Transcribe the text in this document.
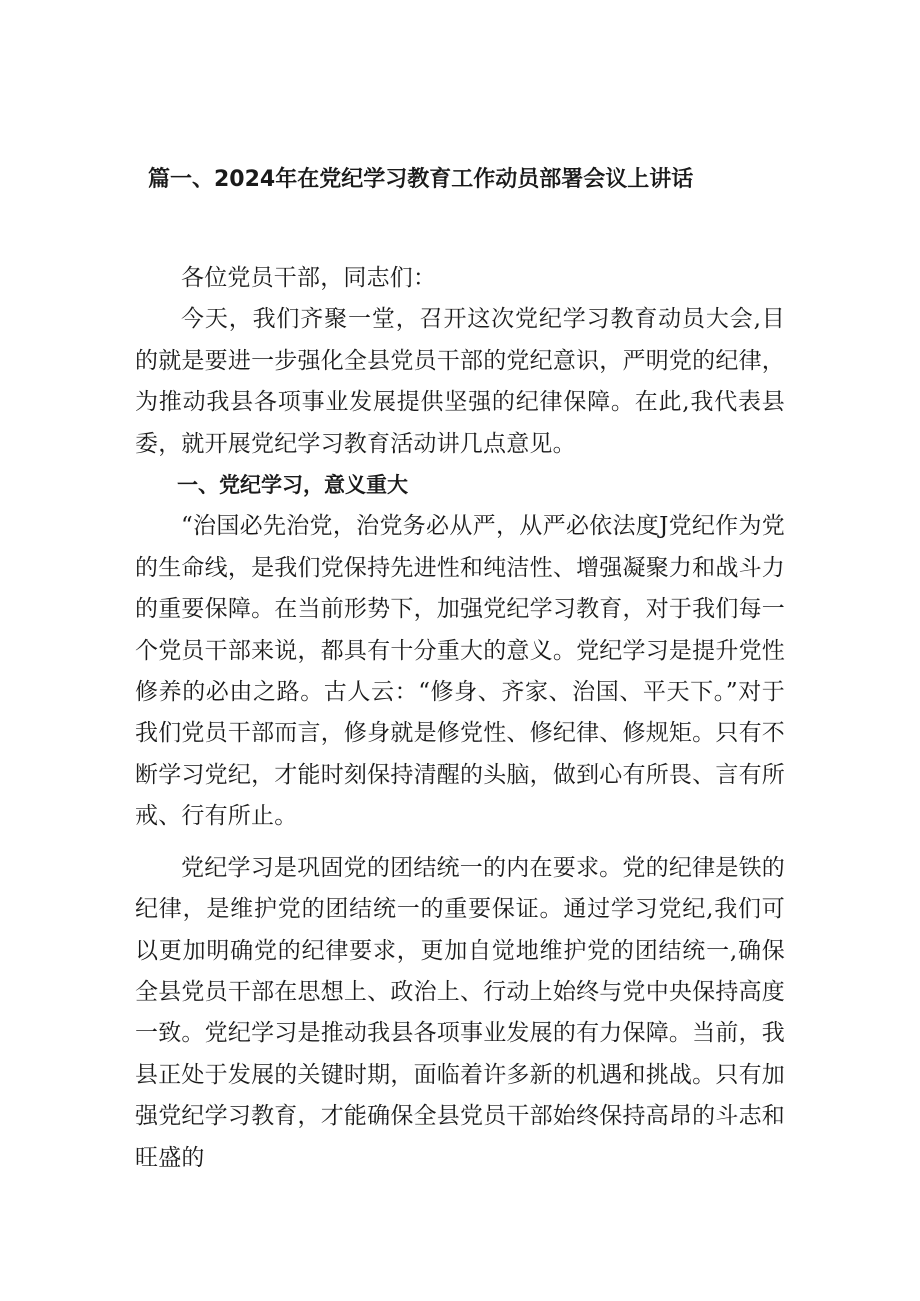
篇一、2024年在党纪学习教育工作动员部署会议上讲话

各位党员干部，同志们：

今天，我们齐聚一堂，召开这次党纪学习教育动员大会,目的就是要进一步强化全县党员干部的党纪意识，严明党的纪律，为推动我县各项事业发展提供坚强的纪律保障。在此,我代表县委，就开展党纪学习教育活动讲几点意见。

一、党纪学习，意义重大

“治国必先治党，治党务必从严，从严必依法度J党纪作为党的生命线，是我们党保持先进性和纯洁性、增强凝聚力和战斗力的重要保障。在当前形势下，加强党纪学习教育，对于我们每一个党员干部来说，都具有十分重大的意义。党纪学习是提升党性修养的必由之路。古人云：“修身、齐家、治国、平天下。”对于我们党员干部而言，修身就是修党性、修纪律、修规矩。只有不断学习党纪，才能时刻保持清醒的头脑，做到心有所畏、言有所戒、行有所止。

党纪学习是巩固党的团结统一的内在要求。党的纪律是铁的纪律，是维护党的团结统一的重要保证。通过学习党纪,我们可以更加明确党的纪律要求，更加自觉地维护党的团结统一,确保全县党员干部在思想上、政治上、行动上始终与党中央保持高度一致。党纪学习是推动我县各项事业发展的有力保障。当前，我县正处于发展的关键时期，面临着许多新的机遇和挑战。只有加强党纪学习教育，才能确保全县党员干部始终保持高昂的斗志和旺盛的
